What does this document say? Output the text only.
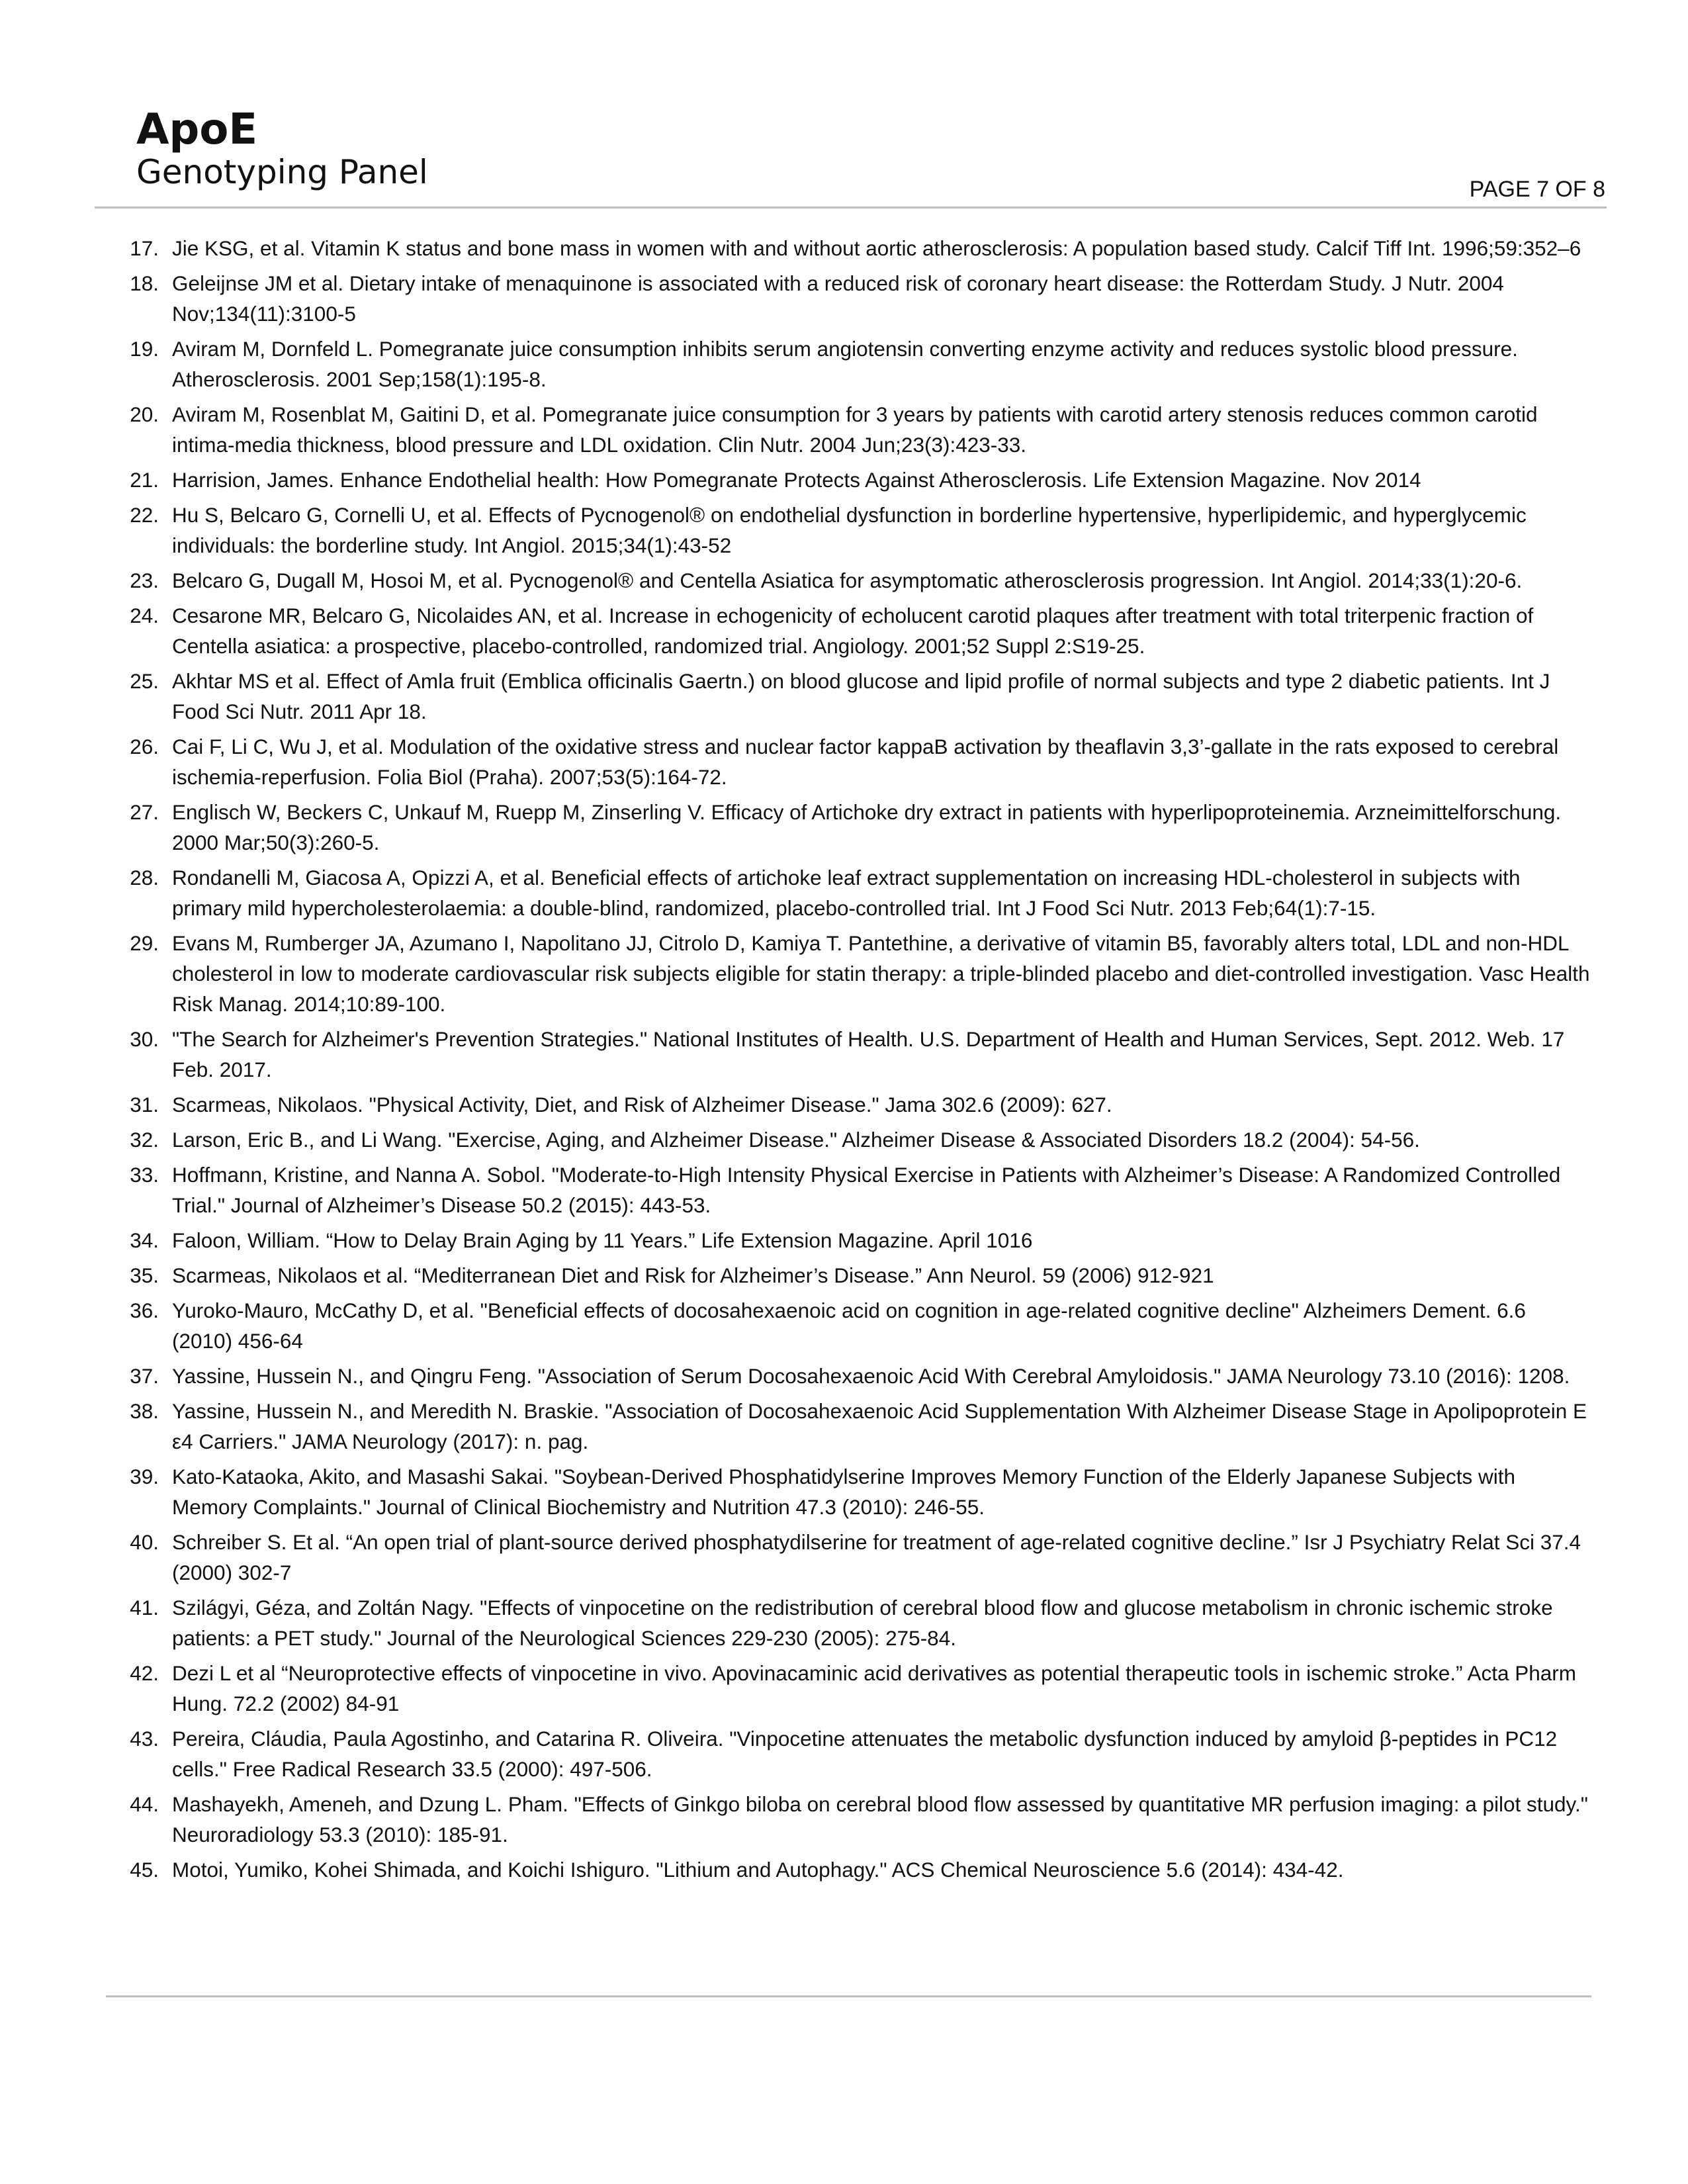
ApoE
Genotyping Panel	PAGE 7 OF 8
17. Jie KSG, et al. Vitamin K status and bone mass in women with and without aortic atherosclerosis: A population based study. Calcif Tiff Int. 1996;59:352–6
18. Geleijnse JM et al. Dietary intake of menaquinone is associated with a reduced risk of coronary heart disease: the Rotterdam Study. J Nutr. 2004 Nov;134(11):3100-5
19. Aviram M, Dornfeld L. Pomegranate juice consumption inhibits serum angiotensin converting enzyme activity and reduces systolic blood pressure. Atherosclerosis. 2001 Sep;158(1):195-8.
20. Aviram M, Rosenblat M, Gaitini D, et al. Pomegranate juice consumption for 3 years by patients with carotid artery stenosis reduces common carotid intima-media thickness, blood pressure and LDL oxidation. Clin Nutr. 2004 Jun;23(3):423-33.
21. Harrision, James. Enhance Endothelial health: How Pomegranate Protects Against Atherosclerosis. Life Extension Magazine. Nov 2014
22. Hu S, Belcaro G, Cornelli U, et al. Effects of Pycnogenol® on endothelial dysfunction in borderline hypertensive, hyperlipidemic, and hyperglycemic individuals: the borderline study. Int Angiol. 2015;34(1):43-52
23. Belcaro G, Dugall M, Hosoi M, et al. Pycnogenol® and Centella Asiatica for asymptomatic atherosclerosis progression. Int Angiol. 2014;33(1):20-6.
24. Cesarone MR, Belcaro G, Nicolaides AN, et al. Increase in echogenicity of echolucent carotid plaques after treatment with total triterpenic fraction of Centella asiatica: a prospective, placebo-controlled, randomized trial. Angiology. 2001;52 Suppl 2:S19-25.
25. Akhtar MS et al. Effect of Amla fruit (Emblica officinalis Gaertn.) on blood glucose and lipid profile of normal subjects and type 2 diabetic patients. Int J Food Sci Nutr. 2011 Apr 18.
26. Cai F, Li C, Wu J, et al. Modulation of the oxidative stress and nuclear factor kappaB activation by theaflavin 3,3’-gallate in the rats exposed to cerebral ischemia-reperfusion. Folia Biol (Praha). 2007;53(5):164-72.
27. Englisch W, Beckers C, Unkauf M, Ruepp M, Zinserling V. Efficacy of Artichoke dry extract in patients with hyperlipoproteinemia. Arzneimittelforschung. 2000 Mar;50(3):260-5.
28. Rondanelli M, Giacosa A, Opizzi A, et al. Beneficial effects of artichoke leaf extract supplementation on increasing HDL-cholesterol in subjects with primary mild hypercholesterolaemia: a double-blind, randomized, placebo-controlled trial. Int J Food Sci Nutr. 2013 Feb;64(1):7-15.
29. Evans M, Rumberger JA, Azumano I, Napolitano JJ, Citrolo D, Kamiya T. Pantethine, a derivative of vitamin B5, favorably alters total, LDL and non-HDL cholesterol in low to moderate cardiovascular risk subjects eligible for statin therapy: a triple-blinded placebo and diet-controlled investigation. Vasc Health Risk Manag. 2014;10:89-100.
30. "The Search for Alzheimer's Prevention Strategies." National Institutes of Health. U.S. Department of Health and Human Services, Sept. 2012. Web. 17 Feb. 2017.
31. Scarmeas, Nikolaos. "Physical Activity, Diet, and Risk of Alzheimer Disease." Jama 302.6 (2009): 627.
32. Larson, Eric B., and Li Wang. "Exercise, Aging, and Alzheimer Disease." Alzheimer Disease & Associated Disorders 18.2 (2004): 54-56.
33. Hoffmann, Kristine, and Nanna A. Sobol. "Moderate-to-High Intensity Physical Exercise in Patients with Alzheimer’s Disease: A Randomized Controlled Trial." Journal of Alzheimer’s Disease 50.2 (2015): 443-53.
34. Faloon, William. “How to Delay Brain Aging by 11 Years.” Life Extension Magazine. April 1016
35. Scarmeas, Nikolaos et al. “Mediterranean Diet and Risk for Alzheimer’s Disease.” Ann Neurol. 59 (2006) 912-921
36. Yuroko-Mauro, McCathy D, et al. "Beneficial effects of docosahexaenoic acid on cognition in age-related cognitive decline" Alzheimers Dement. 6.6 (2010) 456-64
37. Yassine, Hussein N., and Qingru Feng. "Association of Serum Docosahexaenoic Acid With Cerebral Amyloidosis." JAMA Neurology 73.10 (2016): 1208.
38. Yassine, Hussein N., and Meredith N. Braskie. "Association of Docosahexaenoic Acid Supplementation With Alzheimer Disease Stage in Apolipoprotein E ε4 Carriers." JAMA Neurology (2017): n. pag.
39. Kato-Kataoka, Akito, and Masashi Sakai. "Soybean-Derived Phosphatidylserine Improves Memory Function of the Elderly Japanese Subjects with Memory Complaints." Journal of Clinical Biochemistry and Nutrition 47.3 (2010): 246-55.
40. Schreiber S. Et al. “An open trial of plant-source derived phosphatydilserine for treatment of age-related cognitive decline.” Isr J Psychiatry Relat Sci 37.4 (2000) 302-7
41. Szilágyi, Géza, and Zoltán Nagy. "Effects of vinpocetine on the redistribution of cerebral blood flow and glucose metabolism in chronic ischemic stroke patients: a PET study." Journal of the Neurological Sciences 229-230 (2005): 275-84.
42. Dezi L et al “Neuroprotective effects of vinpocetine in vivo. Apovinacaminic acid derivatives as potential therapeutic tools in ischemic stroke.” Acta Pharm Hung. 72.2 (2002) 84-91
43. Pereira, Cláudia, Paula Agostinho, and Catarina R. Oliveira. "Vinpocetine attenuates the metabolic dysfunction induced by amyloid β-peptides in PC12 cells." Free Radical Research 33.5 (2000): 497-506.
44. Mashayekh, Ameneh, and Dzung L. Pham. "Effects of Ginkgo biloba on cerebral blood flow assessed by quantitative MR perfusion imaging: a pilot study." Neuroradiology 53.3 (2010): 185-91.
45. Motoi, Yumiko, Kohei Shimada, and Koichi Ishiguro. "Lithium and Autophagy." ACS Chemical Neuroscience 5.6 (2014): 434-42.
